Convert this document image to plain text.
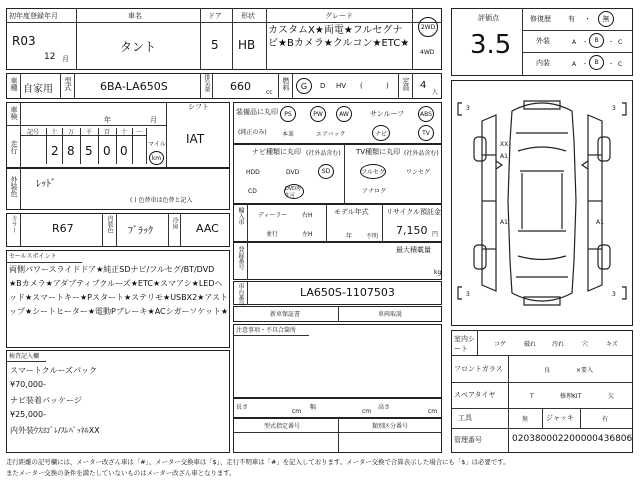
初年度登録年月
R03
12 月
車名
タント
ドア
5
形状
HB
グレード
カスタムX★両電★フルセグナビ★Bカメラ★クルコン★ETC★
2WD
4WD
車種 自家用 型式	6BA-LA650S	排気量 660	cc
燃料	G	D HV (	) 定員 4
人
車検	年	月
シフト
IAT
走行
記号 十 万 千 百 十 一
2 8 5 0 0	マイル
km
外装色 ﾚｯﾄﾞ
( ) 色替車は色替と記入
カラー	R67	内装色 ﾌﾞﾗｯｸ
冷房 AAC
セールスポイント
両側パワースライドドア★純正SDナビ/フルセグ/BT/DVD
★Bカメラ★アダプティブクルーズ★ETC★スマアシ★LEDヘ
ッド★スマートキー★Pスタート★ステリモ★USBX2★アスト
ップ★シートヒーター★電動Pブレーキ★ACシガーソケット★
検査記入欄
スマートクルーズパック
¥70,000-
ナビ装着パッケージ
¥25,000-
内外装ｳｽﾖｺﾞﾚ/ｽﾚﾊﾟｯﾈﾙXX
装備品に丸印
(純正のみ)
PS	PW	AW	サンルーフ	ABS
本革	エアバック	ナビ	TV
ナビ種類に丸印 (社外品含む)
HDD	DVD	SD
CD	DVD再生可
TV種類に丸印 (社外品含む)
フルセグ	ワンセグ
アナログ
輸入車 ディーラー
並行
右H
左H
モデル年式
年 不明
リサイクル預託金
7,150 円
登録番号	最大積載量
kg
車台番号	LA650S-1107503
新車保証書	車両取説
注意事項・不具合箇所
長さ
cm
幅
cm
高さ
cm
型式指定番号	類別区分番号
評価点
3.5
修復歴 有 ・	無
外装	A ・	B	・ C
内装	A ・	B	・ C
3	3
3	3
XX
A1
A1	A1
室内シート
コゲ	破れ	汚れ	穴	キズ
フロントガラス	良	×要入
スペアタイヤ	T	修理KIT	欠
工具	無	ジャッキ	有
管理番号	020380002200000436806
走行距離の記号欄には、メーター改ざん車は「#」、メーター交換車は「$」、走行不明車は「#」を記入しております。メーター交換で合算表示した場合にも「$」は必要です。
またメーター交換の条件を満たしていないものはメーター改ざん車となります。
